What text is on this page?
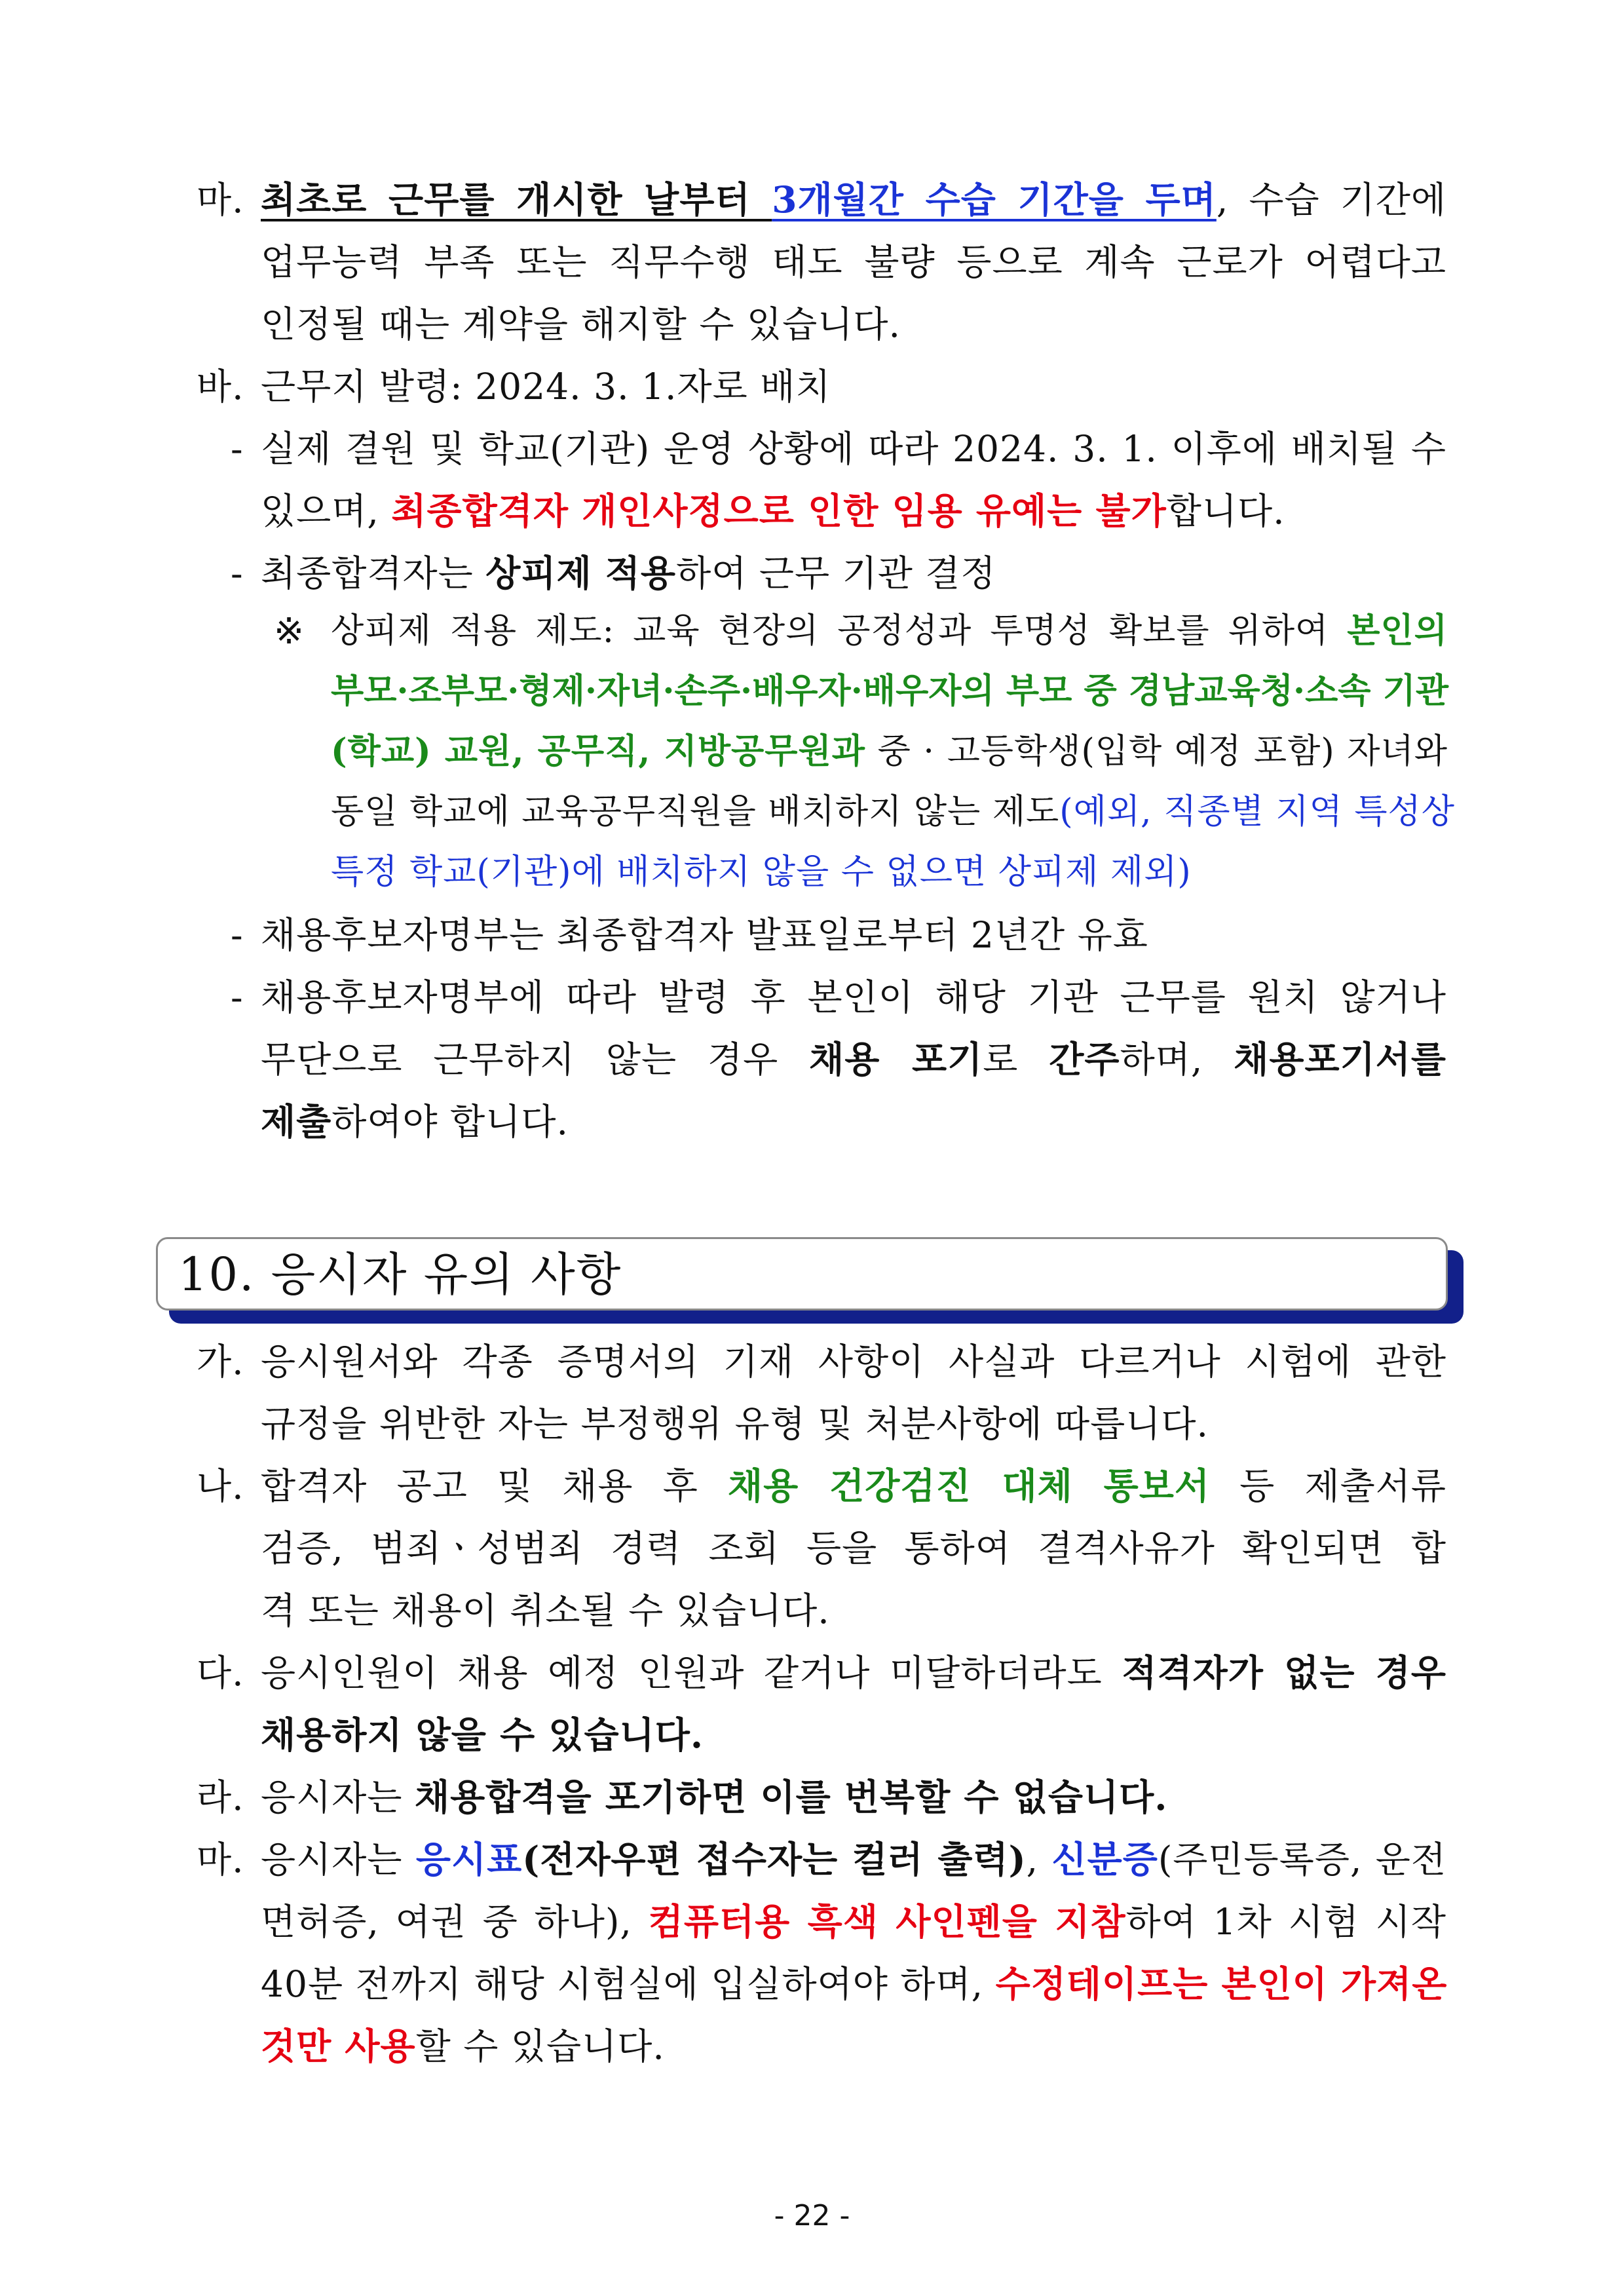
마. 최초로 근무를 개시한 날부터 3개월간 수습 기간을 두며, 수습 기간에
업무능력 부족 또는 직무수행 태도 불량 등으로 계속 근로가 어렵다고
인정될 때는 계약을 해지할 수 있습니다.
바. 근무지 발령: 2024. 3. 1.자로 배치
- 실제 결원 및 학교(기관) 운영 상황에 따라 2024. 3. 1. 이후에 배치될 수
있으며, 최종합격자 개인사정으로 인한 임용 유예는 불가합니다.
- 최종합격자는 상피제 적용하여 근무 기관 결정
※ 상피제 적용 제도: 교육 현장의 공정성과 투명성 확보를 위하여 본인의
부모·조부모·형제·자녀·손주·배우자·배우자의 부모 중 경남교육청·소속 기관
(학교) 교원, 공무직, 지방공무원과 중 · 고등학생(입학 예정 포함) 자녀와
동일 학교에 교육공무직원을 배치하지 않는 제도(예외, 직종별 지역 특성상
특정 학교(기관)에 배치하지 않을 수 없으면 상피제 제외)
- 채용후보자명부는 최종합격자 발표일로부터 2년간 유효
- 채용후보자명부에 따라 발령 후 본인이 해당 기관 근무를 원치 않거나
무단으로 근무하지 않는 경우 채용 포기로 간주하며, 채용포기서를
제출하여야 합니다.
10. 응시자 유의 사항
가. 응시원서와 각종 증명서의 기재 사항이 사실과 다르거나 시험에 관한
규정을 위반한 자는 부정행위 유형 및 처분사항에 따릅니다.
나. 합격자 공고 및 채용 후 채용 건강검진 대체 통보서 등 제출서류
검증, 범죄ㆍ성범죄 경력 조회 등을 통하여 결격사유가 확인되면 합
격 또는 채용이 취소될 수 있습니다.
다. 응시인원이 채용 예정 인원과 같거나 미달하더라도 적격자가 없는 경우
채용하지 않을 수 있습니다.
라. 응시자는 채용합격을 포기하면 이를 번복할 수 없습니다.
마. 응시자는 응시표(전자우편 접수자는 컬러 출력), 신분증(주민등록증, 운전
면허증, 여권 중 하나), 컴퓨터용 흑색 사인펜을 지참하여 1차 시험 시작
40분 전까지 해당 시험실에 입실하여야 하며, 수정테이프는 본인이 가져온
것만 사용할 수 있습니다.
- 22 -
